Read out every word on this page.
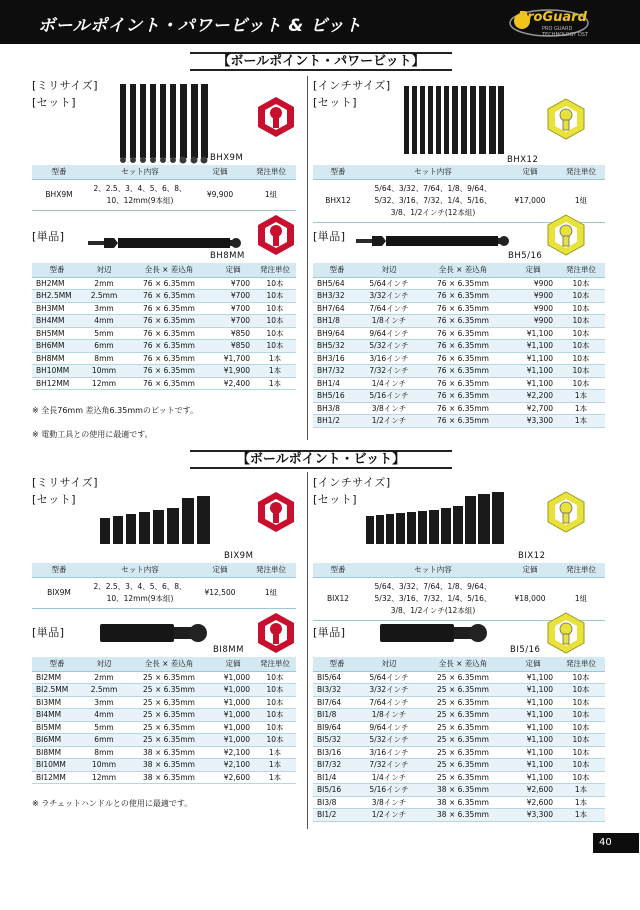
ボールポイント・パワービット & ビット	ProGuard
PRO GUARD TECHNOLOGY DST
【ボールポイント・パワービット】
[ミリサイズ]
[セット]
BHX9M
型番	セット内容	定価	発注単位
BHX9M	2、2.5、3、4、5、6、8、
10、12mm(9本組)	¥9,900	1組
[単品]
BH8MM
型番	対辺	全長 × 差込角	定価	発注単位
BH2MM	2mm	76 × 6.35mm	¥700	10本
BH2.5MM	2.5mm	76 × 6.35mm	¥700	10本
BH3MM	3mm	76 × 6.35mm	¥700	10本
BH4MM	4mm	76 × 6.35mm	¥700	10本
BH5MM	5mm	76 × 6.35mm	¥850	10本
BH6MM	6mm	76 × 6.35mm	¥850	10本
BH8MM	8mm	76 × 6.35mm	¥1,700	1本
BH10MM	10mm	76 × 6.35mm	¥1,900	1本
BH12MM	12mm	76 × 6.35mm	¥2,400	1本
※ 全長76mm 差込角6.35mmのビットです。
※ 電動工具との使用に最適です。
[インチサイズ]
[セット]
BHX12
型番	セット内容	定価	発注単位
BHX12	5/64、3/32、7/64、1/8、9/64、
5/32、3/16、7/32、1/4、5/16、
3/8、1/2インチ(12本組)	¥17,000	1組
[単品]
BH5/16
型番	対辺	全長 × 差込角	定価	発注単位
BH5/64	5/64インチ	76 × 6.35mm	¥900	10本
BH3/32	3/32インチ	76 × 6.35mm	¥900	10本
BH7/64	7/64インチ	76 × 6.35mm	¥900	10本
BH1/8	1/8インチ	76 × 6.35mm	¥900	10本
BH9/64	9/64インチ	76 × 6.35mm	¥1,100	10本
BH5/32	5/32インチ	76 × 6.35mm	¥1,100	10本
BH3/16	3/16インチ	76 × 6.35mm	¥1,100	10本
BH7/32	7/32インチ	76 × 6.35mm	¥1,100	10本
BH1/4	1/4インチ	76 × 6.35mm	¥1,100	10本
BH5/16	5/16インチ	76 × 6.35mm	¥2,200	1本
BH3/8	3/8インチ	76 × 6.35mm	¥2,700	1本
BH1/2	1/2インチ	76 × 6.35mm	¥3,300	1本
【ボールポイント・ビット】
[ミリサイズ]
[セット]
BIX9M
型番	セット内容	定価	発注単位
BIX9M	2、2.5、3、4、5、6、8、
10、12mm(9本組)	¥12,500	1組
[単品]
BI8MM
型番	対辺	全長 × 差込角	定価	発注単位
BI2MM	2mm	25 × 6.35mm	¥1,000	10本
BI2.5MM	2.5mm	25 × 6.35mm	¥1,000	10本
BI3MM	3mm	25 × 6.35mm	¥1,000	10本
BI4MM	4mm	25 × 6.35mm	¥1,000	10本
BI5MM	5mm	25 × 6.35mm	¥1,000	10本
BI6MM	6mm	25 × 6.35mm	¥1,000	10本
BI8MM	8mm	38 × 6.35mm	¥2,100	1本
BI10MM	10mm	38 × 6.35mm	¥2,100	1本
BI12MM	12mm	38 × 6.35mm	¥2,600	1本
※ ラチェットハンドルとの使用に最適です。
[インチサイズ]
[セット]
BIX12
型番	セット内容	定価	発注単位
BIX12	5/64、3/32、7/64、1/8、9/64、
5/32、3/16、7/32、1/4、5/16、
3/8、1/2インチ(12本組)	¥18,000	1組
[単品]
BI5/16
型番	対辺	全長 × 差込角	定価	発注単位
BI5/64	5/64インチ	25 × 6.35mm	¥1,100	10本
BI3/32	3/32インチ	25 × 6.35mm	¥1,100	10本
BI7/64	7/64インチ	25 × 6.35mm	¥1,100	10本
BI1/8	1/8インチ	25 × 6.35mm	¥1,100	10本
BI9/64	9/64インチ	25 × 6.35mm	¥1,100	10本
BI5/32	5/32インチ	25 × 6.35mm	¥1,100	10本
BI3/16	3/16インチ	25 × 6.35mm	¥1,100	10本
BI7/32	7/32インチ	25 × 6.35mm	¥1,100	10本
BI1/4	1/4インチ	25 × 6.35mm	¥1,100	10本
BI5/16	5/16インチ	38 × 6.35mm	¥2,600	1本
BI3/8	3/8インチ	38 × 6.35mm	¥2,600	1本
BI1/2	1/2インチ	38 × 6.35mm	¥3,300	1本
40
